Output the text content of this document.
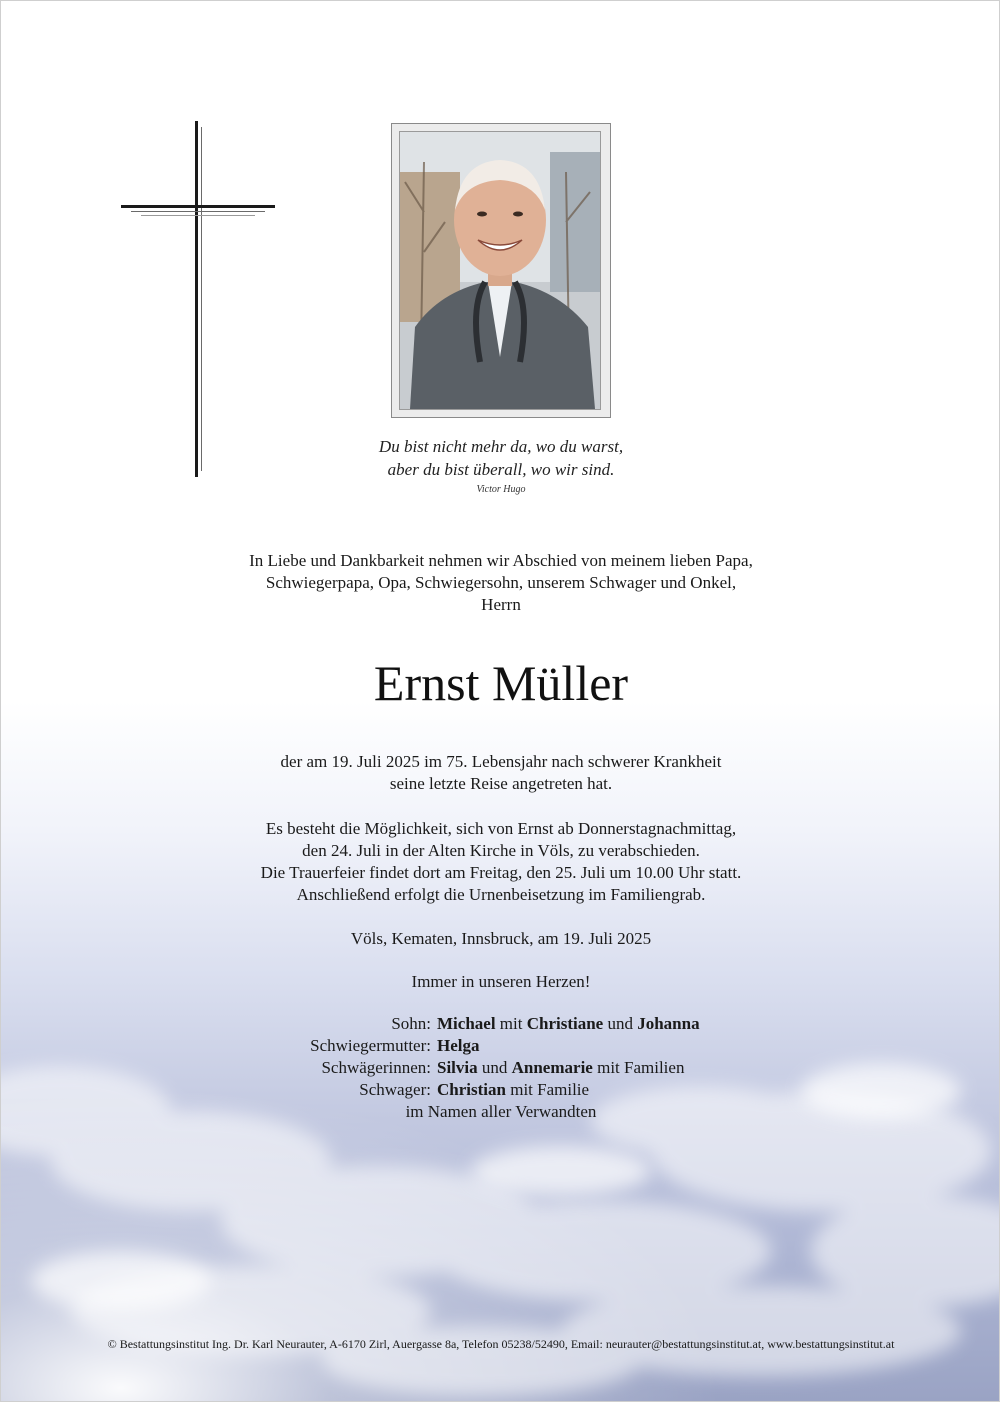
Du bist nicht mehr da, wo du warst,
aber du bist überall, wo wir sind.
Victor Hugo
In Liebe und Dankbarkeit nehmen wir Abschied von meinem lieben Papa,
Schwiegerpapa, Opa, Schwiegersohn, unserem Schwager und Onkel,
Herrn
Ernst Müller
der am 19. Juli 2025 im 75. Lebensjahr nach schwerer Krankheit
seine letzte Reise angetreten hat.
Es besteht die Möglichkeit, sich von Ernst ab Donnerstagnachmittag,
den 24. Juli in der Alten Kirche in Völs, zu verabschieden.
Die Trauerfeier findet dort am Freitag, den 25. Juli um 10.00 Uhr statt.
Anschließend erfolgt die Urnenbeisetzung im Familiengrab.
Völs, Kematen, Innsbruck, am 19. Juli 2025
Immer in unseren Herzen!
Sohn: Michael mit Christiane und Johanna
Schwiegermutter: Helga
Schwägerinnen: Silvia und Annemarie mit Familien
Schwager: Christian mit Familie
im Namen aller Verwandten
© Bestattungsinstitut Ing. Dr. Karl Neurauter, A-6170 Zirl, Auergasse 8a, Telefon 05238/52490, Email: neurauter@bestattungsinstitut.at, www.bestattungsinstitut.at
